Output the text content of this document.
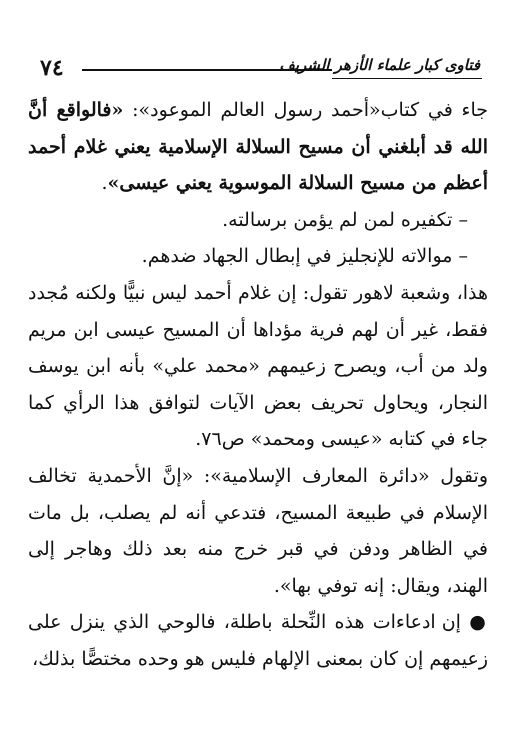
٧٤	فتاوى كبار علماء الأزهر الشريف

جاء في كتاب«أحمد رسول العالم الموعود»: «فالواقع أنَّ الله قد أبلغني أن مسيح السلالة الإسلامية يعني غلام أحمد أعظم من مسيح السلالة الموسوية يعني عيسى».

– تكفيره لمن لم يؤمن برسالته.

– موالاته للإنجليز في إبطال الجهاد ضدهم.

هذا، وشعبة لاهور تقول: إن غلام أحمد ليس نبيًّا ولكنه مُجدد فقط، غير أن لهم فرية مؤداها أن المسيح عيسى ابن مريم ولد من أب، ويصرح زعيمهم «محمد علي» بأنه ابن يوسف النجار، ويحاول تحريف بعض الآيات لتوافق هذا الرأي كما جاء في كتابه «عيسى ومحمد» ص٧٦.

وتقول «دائرة المعارف الإسلامية»: «إنَّ الأحمدية تخالف الإسلام في طبيعة المسيح، فتدعي أنه لم يصلب، بل مات في الظاهر ودفن في قبر خرج منه بعد ذلك وهاجر إلى الهند، ويقال: إنه توفي بها».

● إن ادعاءات هذه النِّحلة باطلة، فالوحي الذي ينزل على زعيمهم إن كان بمعنى الإلهام فليس هو وحده مختصًّا بذلك،
